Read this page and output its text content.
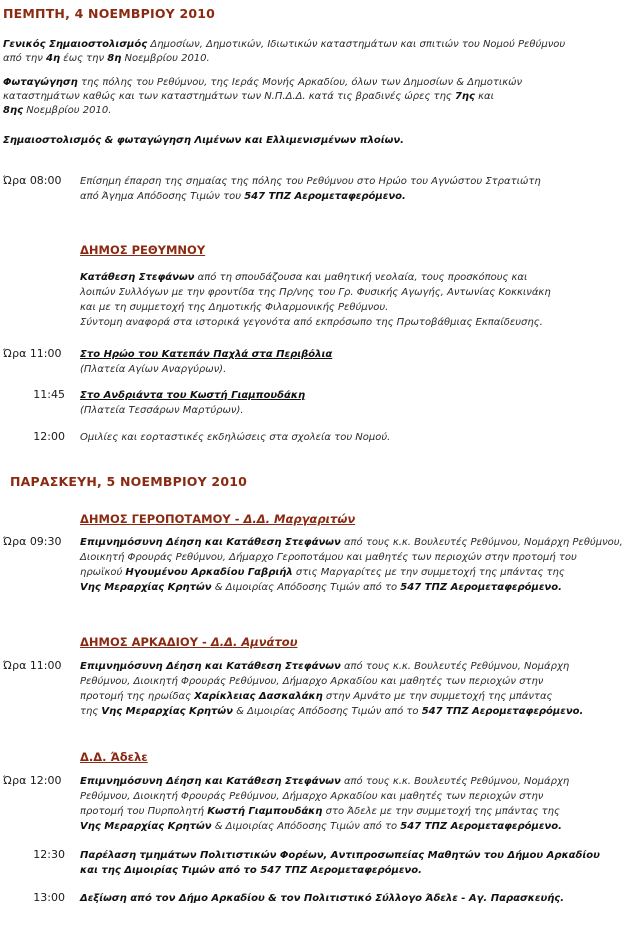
ΠΕΜΠΤΗ, 4 ΝΟΕΜΒΡΙΟΥ 2010
Γενικός Σημαιοστολισμός Δημοσίων, Δημοτικών, Ιδιωτικών καταστημάτων και σπιτιών του Νομού Ρεθύμνου
από την 4η έως την 8η Νοεμβρίου 2010.
Φωταγώγηση της πόλης του Ρεθύμνου, της Ιεράς Μονής Αρκαδίου, όλων των Δημοσίων & Δημοτικών
καταστημάτων καθώς και των καταστημάτων των Ν.Π.Δ.Δ. κατά τις βραδινές ώρες της 7ης και
8ης Νοεμβρίου 2010.
Σημαιοστολισμός & φωταγώγηση Λιμένων και Ελλιμενισμένων πλοίων.
Ώρα 08:00 Επίσημη έπαρση της σημαίας της πόλης του Ρεθύμνου στο Ηρώο του Αγνώστου Στρατιώτη
από Άγημα Απόδοσης Τιμών του 547 ΤΠΖ Αερομεταφερόμενο.
ΔΗΜΟΣ ΡΕΘΥΜΝΟΥ
Κατάθεση Στεφάνων από τη σπουδάζουσα και μαθητική νεολαία, τους προσκόπους και
λοιπών Συλλόγων με την φροντίδα της Πρ/νης του Γρ. Φυσικής Αγωγής, Αντωνίας Κοκκινάκη
και με τη συμμετοχή της Δημοτικής Φιλαρμονικής Ρεθύμνου.
Σύντομη αναφορά στα ιστορικά γεγονότα από εκπρόσωπο της Πρωτοβάθμιας Εκπαίδευσης.
Ώρα 11:00 Στο Ηρώο του Κατεπάν Παχλά στα Περιβόλια
(Πλατεία Αγίων Αναργύρων).
11:45 Στο Ανδριάντα του Κωστή Γιαμπουδάκη
(Πλατεία Τεσσάρων Μαρτύρων).
12:00 Ομιλίες και εορταστικές εκδηλώσεις στα σχολεία του Νομού.
ΠΑΡΑΣΚΕΥΗ, 5 ΝΟΕΜΒΡΙΟΥ 2010
ΔΗΜΟΣ ΓΕΡΟΠΟΤΑΜΟΥ - Δ.Δ. Μαργαριτών
Ώρα 09:30 Επιμνημόσυνη Δέηση και Κατάθεση Στεφάνων από τους κ.κ. Βουλευτές Ρεθύμνου, Νομάρχη Ρεθύμνου,
Διοικητή Φρουράς Ρεθύμνου, Δήμαρχο Γεροποτάμου και μαθητές των περιοχών στην προτομή του
ηρωϊκού Ηγουμένου Αρκαδίου Γαβριήλ στις Μαργαρίτες με την συμμετοχή της μπάντας της
Vης Μεραρχίας Κρητών & Διμοιρίας Απόδοσης Τιμών από το 547 ΤΠΖ Αερομεταφερόμενο.
ΔΗΜΟΣ ΑΡΚΑΔΙΟΥ - Δ.Δ. Αμνάτου
Ώρα 11:00 Επιμνημόσυνη Δέηση και Κατάθεση Στεφάνων από τους κ.κ. Βουλευτές Ρεθύμνου, Νομάρχη
Ρεθύμνου, Διοικητή Φρουράς Ρεθύμνου, Δήμαρχο Αρκαδίου και μαθητές των περιοχών στην
προτομή της ηρωίδας Χαρίκλειας Δασκαλάκη στην Αμνάτο με την συμμετοχή της μπάντας
της Vης Μεραρχίας Κρητών & Διμοιρίας Απόδοσης Τιμών από το 547 ΤΠΖ Αερομεταφερόμενο.
Δ.Δ. Άδελε
Ώρα 12:00 Επιμνημόσυνη Δέηση και Κατάθεση Στεφάνων από τους κ.κ. Βουλευτές Ρεθύμνου, Νομάρχη
Ρεθύμνου, Διοικητή Φρουράς Ρεθύμνου, Δήμαρχο Αρκαδίου και μαθητές των περιοχών στην
προτομή του Πυρπολητή Κωστή Γιαμπουδάκη στο Άδελε με την συμμετοχή της μπάντας της
Vης Μεραρχίας Κρητών & Διμοιρίας Απόδοσης Τιμών από το 547 ΤΠΖ Αερομεταφερόμενο.
12:30 Παρέλαση τμημάτων Πολιτιστικών Φορέων, Αντιπροσωπείας Μαθητών του Δήμου Αρκαδίου
και της Διμοιρίας Τιμών από το 547 ΤΠΖ Αερομεταφερόμενο.
13:00 Δεξίωση από τον Δήμο Αρκαδίου & τον Πολιτιστικό Σύλλογο Άδελε - Αγ. Παρασκευής.
